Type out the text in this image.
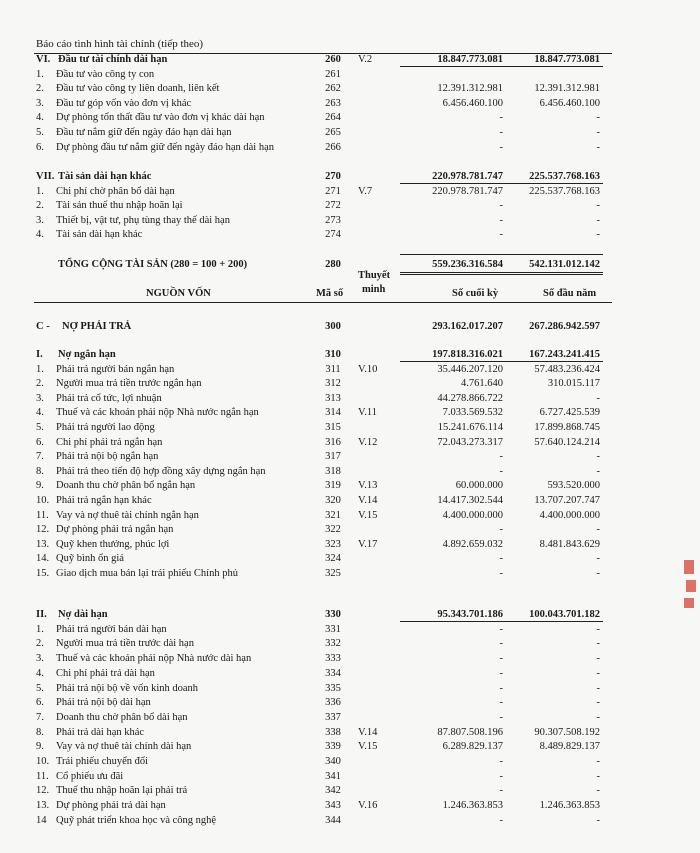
Báo cáo tình hình tài chính (tiếp theo)
VI. Đầu tư tài chính dài hạn	260	V.2	18.847.773.081	18.847.773.081
1. Đầu tư vào công ty con	261
2. Đầu tư vào công ty liên doanh, liên kết	262	12.391.312.981	12.391.312.981
3. Đầu tư góp vốn vào đơn vị khác	263	6.456.460.100	6.456.460.100
4. Dự phòng tổn thất đầu tư vào đơn vị khác dài hạn	264	-	-
5. Đầu tư nắm giữ đến ngày đáo hạn dài hạn	265	-	-
6. Dự phòng đầu tư nắm giữ đến ngày đáo hạn dài hạn	266	-	-
VII. Tài sản dài hạn khác	270	220.978.781.747	225.537.768.163
1. Chi phí chờ phân bổ dài hạn	271	V.7	220.978.781.747	225.537.768.163
2. Tài sản thuế thu nhập hoãn lại	272	-	-
3. Thiết bị, vật tư, phụ tùng thay thế dài hạn	273	-	-
4. Tài sản dài hạn khác	274	-	-
TỔNG CỘNG TÀI SẢN (280 = 100 + 200)	280	559.236.316.584	542.131.012.142
NGUỒN VỐN	Mã số
Thuyết
minh	Số cuối kỳ	Số đầu năm
C - NỢ PHẢI TRẢ	300	293.162.017.207	267.286.942.597
I. Nợ ngắn hạn	310	197.818.316.021	167.243.241.415
1. Phải trả người bán ngắn hạn	311	V.10	35.446.207.120	57.483.236.424
2. Người mua trả tiền trước ngắn hạn	312	4.761.640	310.015.117
3. Phải trả cổ tức, lợi nhuận	313	44.278.866.722	-
4. Thuế và các khoản phải nộp Nhà nước ngắn hạn	314	V.11	7.033.569.532	6.727.425.539
5. Phải trả người lao động	315	15.241.676.114	17.899.868.745
6. Chi phí phải trả ngắn hạn	316	V.12	72.043.273.317	57.640.124.214
7. Phải trả nội bộ ngắn hạn	317	-	-
8. Phải trả theo tiến độ hợp đồng xây dựng ngắn hạn	318	-	-
9. Doanh thu chờ phân bổ ngắn hạn	319	V.13	60.000.000	593.520.000
10. Phải trả ngắn hạn khác	320	V.14	14.417.302.544	13.707.207.747
11. Vay và nợ thuê tài chính ngắn hạn	321	V.15	4.400.000.000	4.400.000.000
12. Dự phòng phải trả ngắn hạn	322	-	-
13. Quỹ khen thưởng, phúc lợi	323	V.17	4.892.659.032	8.481.843.629
14. Quỹ bình ổn giá	324	-	-
15. Giao dịch mua bán lại trái phiếu Chính phủ	325	-	-
II. Nợ dài hạn	330	95.343.701.186	100.043.701.182
1. Phải trả người bán dài hạn	331	-	-
2. Người mua trả tiền trước dài hạn	332	-	-
3. Thuế và các khoản phải nộp Nhà nước dài hạn	333	-	-
4. Chi phí phải trả dài hạn	334	-	-
5. Phải trả nội bộ về vốn kinh doanh	335	-	-
6. Phải trả nội bộ dài hạn	336	-	-
7. Doanh thu chờ phân bổ dài hạn	337	-	-
8. Phải trả dài hạn khác	338	V.14	87.807.508.196	90.307.508.192
9. Vay và nợ thuê tài chính dài hạn	339	V.15	6.289.829.137	8.489.829.137
10. Trái phiếu chuyển đổi	340	-	-
11. Cổ phiếu ưu đãi	341	-	-
12. Thuế thu nhập hoãn lại phải trả	342	-	-
13. Dự phòng phải trả dài hạn	343	V.16	1.246.363.853	1.246.363.853
14 Quỹ phát triển khoa học và công nghệ	344	-	-
